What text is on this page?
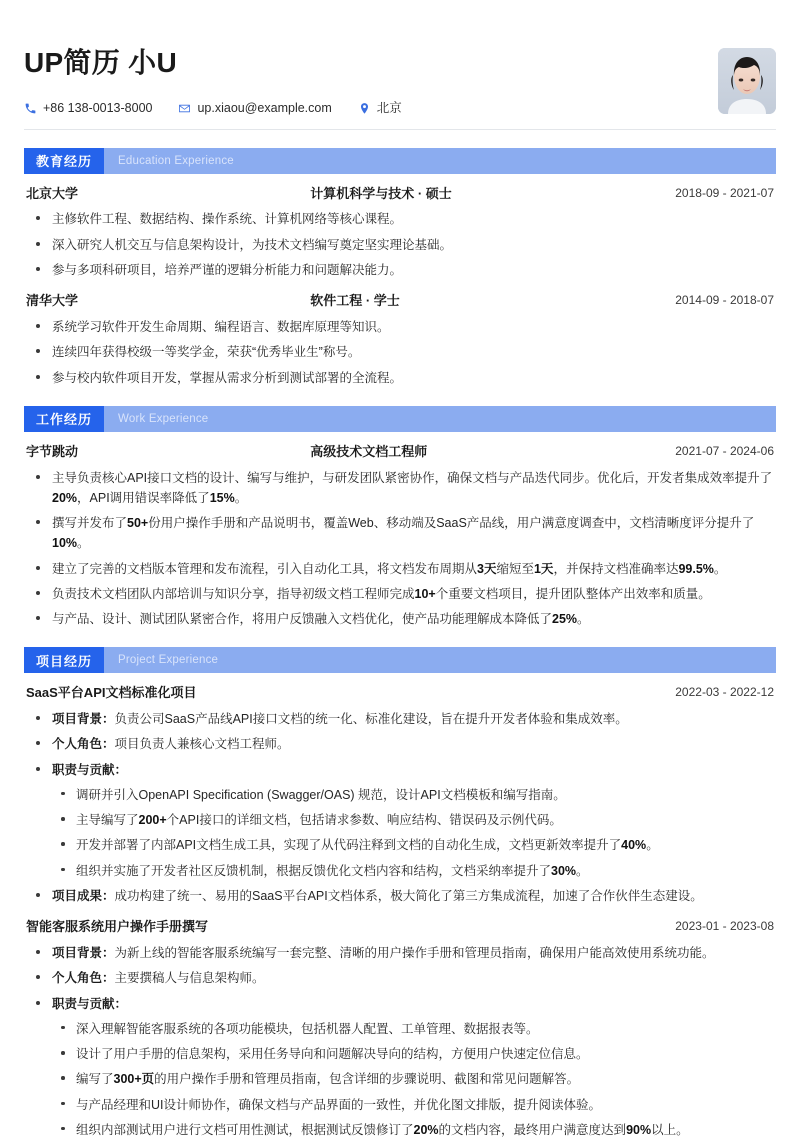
UP简历 小U
+86 138-0013-8000	up.xiaou@example.com	北京
教育经历	Education Experience
北京大学	计算机科学与技术 · 硕士	2018-09 - 2021-07
主修软件工程、数据结构、操作系统、计算机网络等核心课程。
深入研究人机交互与信息架构设计，为技术文档编写奠定坚实理论基础。
参与多项科研项目，培养严谨的逻辑分析能力和问题解决能力。
清华大学	软件工程 · 学士	2014-09 - 2018-07
系统学习软件开发生命周期、编程语言、数据库原理等知识。
连续四年获得校级一等奖学金，荣获“优秀毕业生”称号。
参与校内软件项目开发，掌握从需求分析到测试部署的全流程。
工作经历	Work Experience
字节跳动	高级技术文档工程师	2021-07 - 2024-06
主导负责核心API接口文档的设计、编写与维护，与研发团队紧密协作，确保文档与产品迭代同步。优化后，开发者集成效率提升了20%，API调用错误率降低了15%。
撰写并发布了50+份用户操作手册和产品说明书，覆盖Web、移动端及SaaS产品线，用户满意度调查中，文档清晰度评分提升了10%。
建立了完善的文档版本管理和发布流程，引入自动化工具，将文档发布周期从3天缩短至1天，并保持文档准确率达99.5%。
负责技术文档团队内部培训与知识分享，指导初级文档工程师完成10+个重要文档项目，提升团队整体产出效率和质量。
与产品、设计、测试团队紧密合作，将用户反馈融入文档优化，使产品功能理解成本降低了25%。
项目经历	Project Experience
SaaS平台API文档标准化项目	2022-03 - 2022-12
项目背景：负责公司SaaS产品线API接口文档的统一化、标准化建设，旨在提升开发者体验和集成效率。
个人角色：项目负责人兼核心文档工程师。
职责与贡献：
调研并引入OpenAPI Specification (Swagger/OAS) 规范，设计API文档模板和编写指南。
主导编写了200+个API接口的详细文档，包括请求参数、响应结构、错误码及示例代码。
开发并部署了内部API文档生成工具，实现了从代码注释到文档的自动化生成，文档更新效率提升了40%。
组织并实施了开发者社区反馈机制，根据反馈优化文档内容和结构，文档采纳率提升了30%。
项目成果：成功构建了统一、易用的SaaS平台API文档体系，极大简化了第三方集成流程，加速了合作伙伴生态建设。
智能客服系统用户操作手册撰写	2023-01 - 2023-08
项目背景：为新上线的智能客服系统编写一套完整、清晰的用户操作手册和管理员指南，确保用户能高效使用系统功能。
个人角色：主要撰稿人与信息架构师。
职责与贡献：
深入理解智能客服系统的各项功能模块，包括机器人配置、工单管理、数据报表等。
设计了用户手册的信息架构，采用任务导向和问题解决导向的结构，方便用户快速定位信息。
编写了300+页的用户操作手册和管理员指南，包含详细的步骤说明、截图和常见问题解答。
与产品经理和UI设计师协作，确保文档与产品界面的一致性，并优化图文排版，提升阅读体验。
组织内部测试用户进行文档可用性测试，根据测试反馈修订了20%的文档内容，最终用户满意度达到90%以上。
